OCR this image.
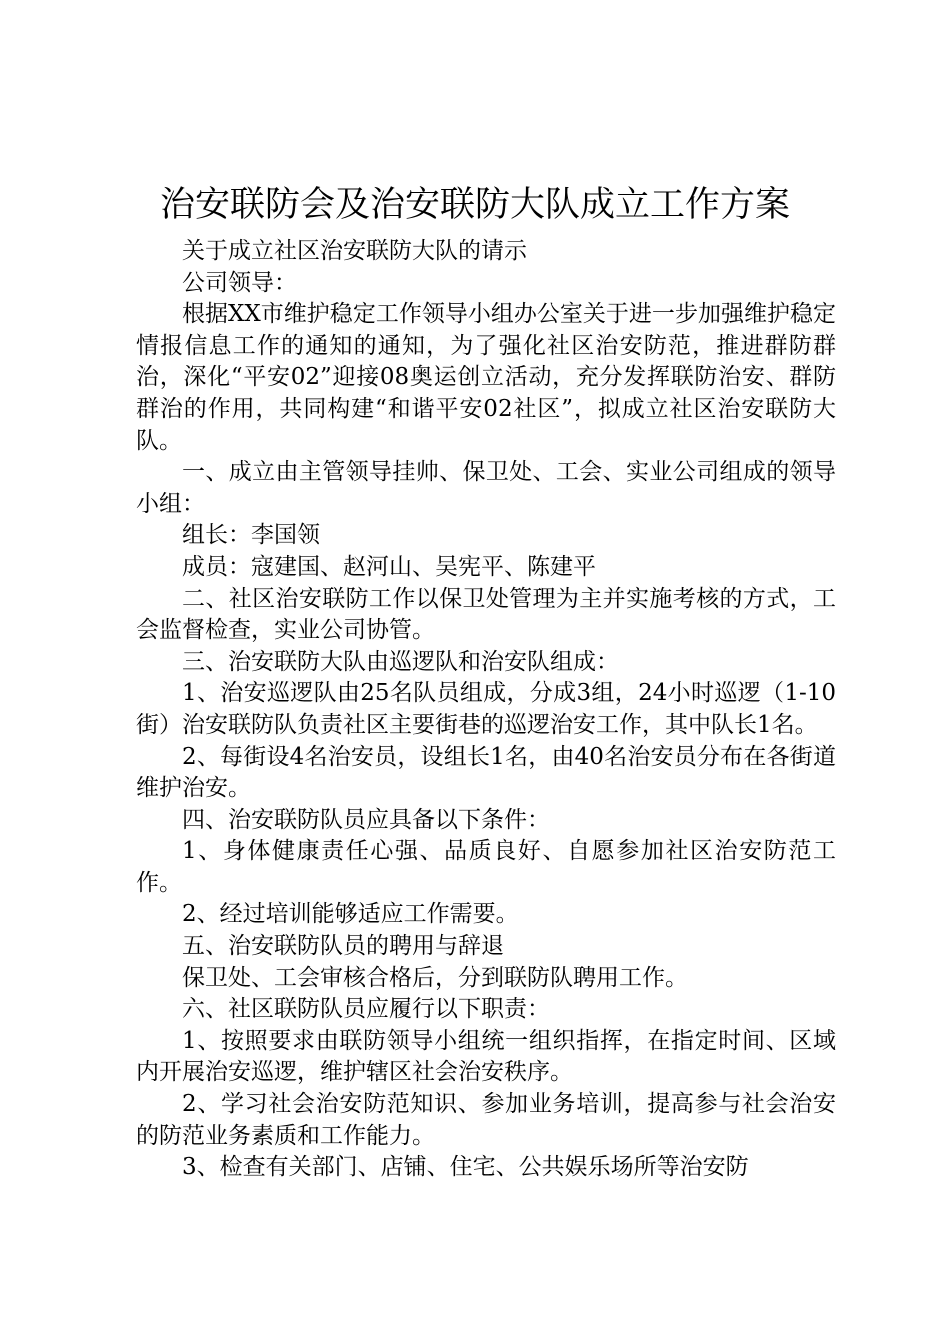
治安联防会及治安联防大队成立工作方案

关于成立社区治安联防大队的请示

公司领导：

根据XX市维护稳定工作领导小组办公室关于进一步加强维护稳定情报信息工作的通知的通知，为了强化社区治安防范，推进群防群治，深化“平安02”迎接08奥运创立活动，充分发挥联防治安、群防群治的作用，共同构建“和谐平安02社区”，拟成立社区治安联防大队。

一、成立由主管领导挂帅、保卫处、工会、实业公司组成的领导小组：

组长：李国领

成员：寇建国、赵河山、吴宪平、陈建平

二、社区治安联防工作以保卫处管理为主并实施考核的方式，工会监督检查，实业公司协管。

三、治安联防大队由巡逻队和治安队组成：

1、治安巡逻队由25名队员组成，分成3组，24小时巡逻（1-10街）治安联防队负责社区主要街巷的巡逻治安工作，其中队长1名。

2、每街设4名治安员，设组长1名，由40名治安员分布在各街道维护治安。

四、治安联防队员应具备以下条件：

1、身体健康责任心强、品质良好、自愿参加社区治安防范工作。

2、经过培训能够适应工作需要。

五、治安联防队员的聘用与辞退

保卫处、工会审核合格后，分到联防队聘用工作。

六、社区联防队员应履行以下职责：

1、按照要求由联防领导小组统一组织指挥，在指定时间、区域内开展治安巡逻，维护辖区社会治安秩序。

2、学习社会治安防范知识、参加业务培训，提高参与社会治安的防范业务素质和工作能力。

3、检查有关部门、店铺、住宅、公共娱乐场所等治安防
